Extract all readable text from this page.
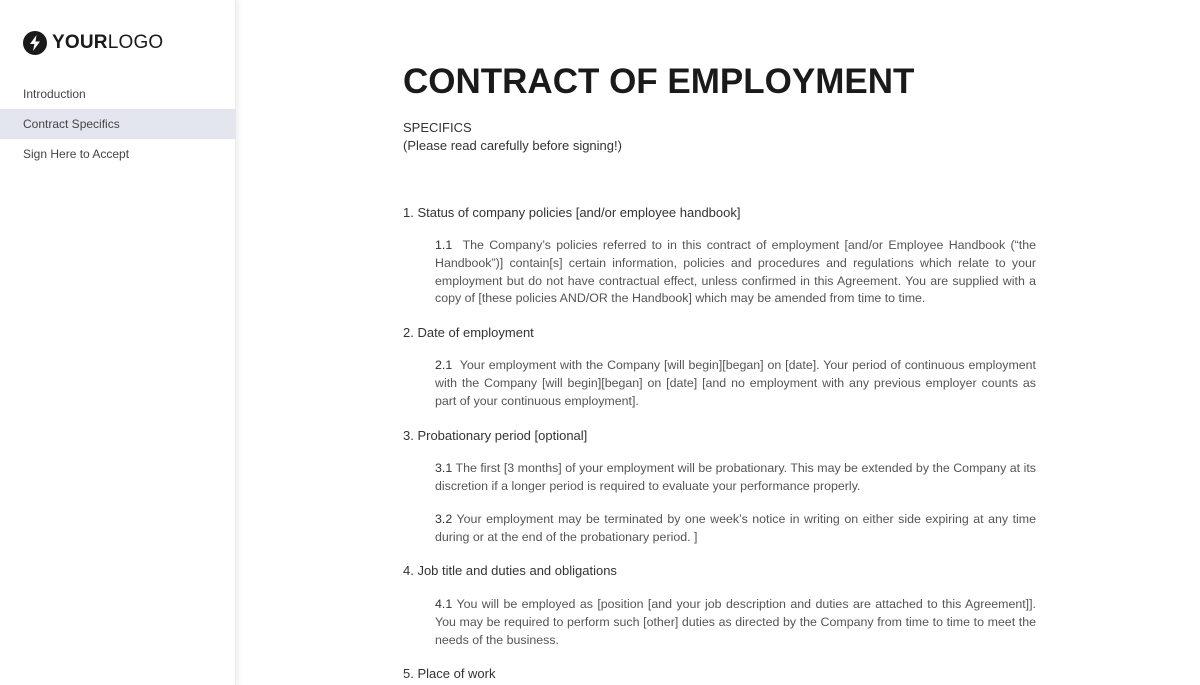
YOURLOGO
Introduction
Contract Specifics
Sign Here to Accept
CONTRACT OF EMPLOYMENT
SPECIFICS
(Please read carefully before signing!)
1. Status of company policies [and/or employee handbook]

1.1 The Company’s policies referred to in this contract of employment [and/or Employee Handbook (“the Handbook”)] contain[s] certain information, policies and procedures and regulations which relate to your employment but do not have contractual effect, unless confirmed in this Agreement. You are supplied with a copy of [these policies AND/OR the Handbook] which may be amended from time to time.

2. Date of employment

2.1 Your employment with the Company [will begin][began] on [date]. Your period of continuous employment with the Company [will begin][began] on [date] [and no employment with any previous employer counts as part of your continuous employment].

3. Probationary period [optional]

3.1 The first [3 months] of your employment will be probationary. This may be extended by the Company at its discretion if a longer period is required to evaluate your performance properly.

3.2 Your employment may be terminated by one week’s notice in writing on either side expiring at any time during or at the end of the probationary period. ]

4. Job title and duties and obligations

4.1 You will be employed as [position [and your job description and duties are attached to this Agreement]]. You may be required to perform such [other] duties as directed by the Company from time to time to meet the needs of the business.

5. Place of work
